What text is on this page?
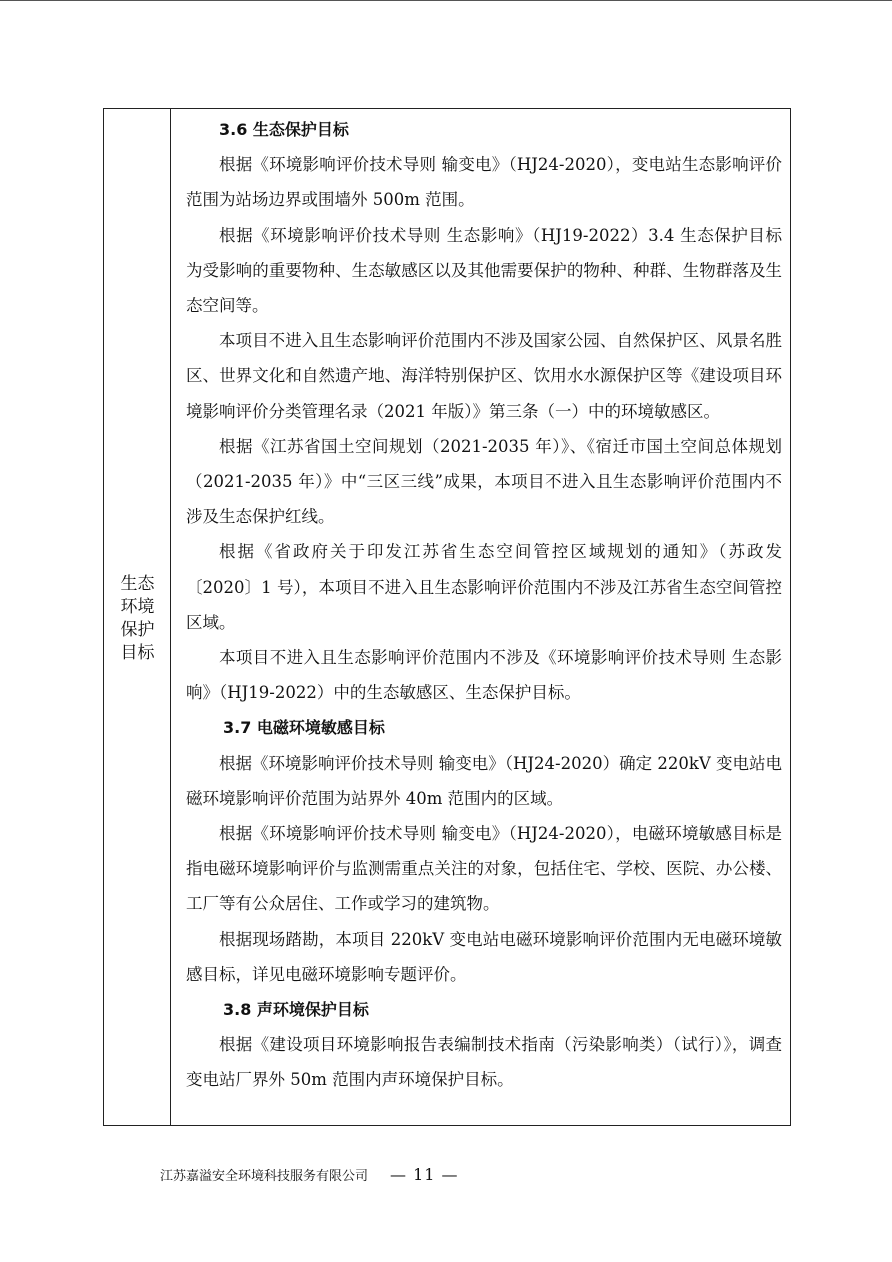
生态
环境
保护
目标
3.6 生态保护目标

根据《环境影响评价技术导则 输变电》（HJ24-2020），变电站生态影响评价范围为站场边界或围墙外 500m 范围。

根据《环境影响评价技术导则 生态影响》（HJ19-2022）3.4 生态保护目标为受影响的重要物种、生态敏感区以及其他需要保护的物种、种群、生物群落及生态空间等。

本项目不进入且生态影响评价范围内不涉及国家公园、自然保护区、风景名胜区、世界文化和自然遗产地、海洋特别保护区、饮用水水源保护区等《建设项目环境影响评价分类管理名录（2021 年版）》第三条（一）中的环境敏感区。

根据《江苏省国土空间规划（2021-2035 年）》、《宿迁市国土空间总体规划（2021-2035 年）》中“三区三线”成果，本项目不进入且生态影响评价范围内不涉及生态保护红线。

根据《省政府关于印发江苏省生态空间管控区域规划的通知》（苏政发〔2020〕1 号），本项目不进入且生态影响评价范围内不涉及江苏省生态空间管控区域。

本项目不进入且生态影响评价范围内不涉及《环境影响评价技术导则 生态影响》（HJ19-2022）中的生态敏感区、生态保护目标。

3.7 电磁环境敏感目标

根据《环境影响评价技术导则 输变电》（HJ24-2020）确定 220kV 变电站电磁环境影响评价范围为站界外 40m 范围内的区域。

根据《环境影响评价技术导则 输变电》（HJ24-2020），电磁环境敏感目标是指电磁环境影响评价与监测需重点关注的对象，包括住宅、学校、医院、办公楼、工厂等有公众居住、工作或学习的建筑物。

根据现场踏勘，本项目 220kV 变电站电磁环境影响评价范围内无电磁环境敏感目标，详见电磁环境影响专题评价。

3.8 声环境保护目标

根据《建设项目环境影响报告表编制技术指南（污染影响类）（试行）》，调查变电站厂界外 50m 范围内声环境保护目标。

江苏嘉溢安全环境科技服务有限公司 — 11 —
